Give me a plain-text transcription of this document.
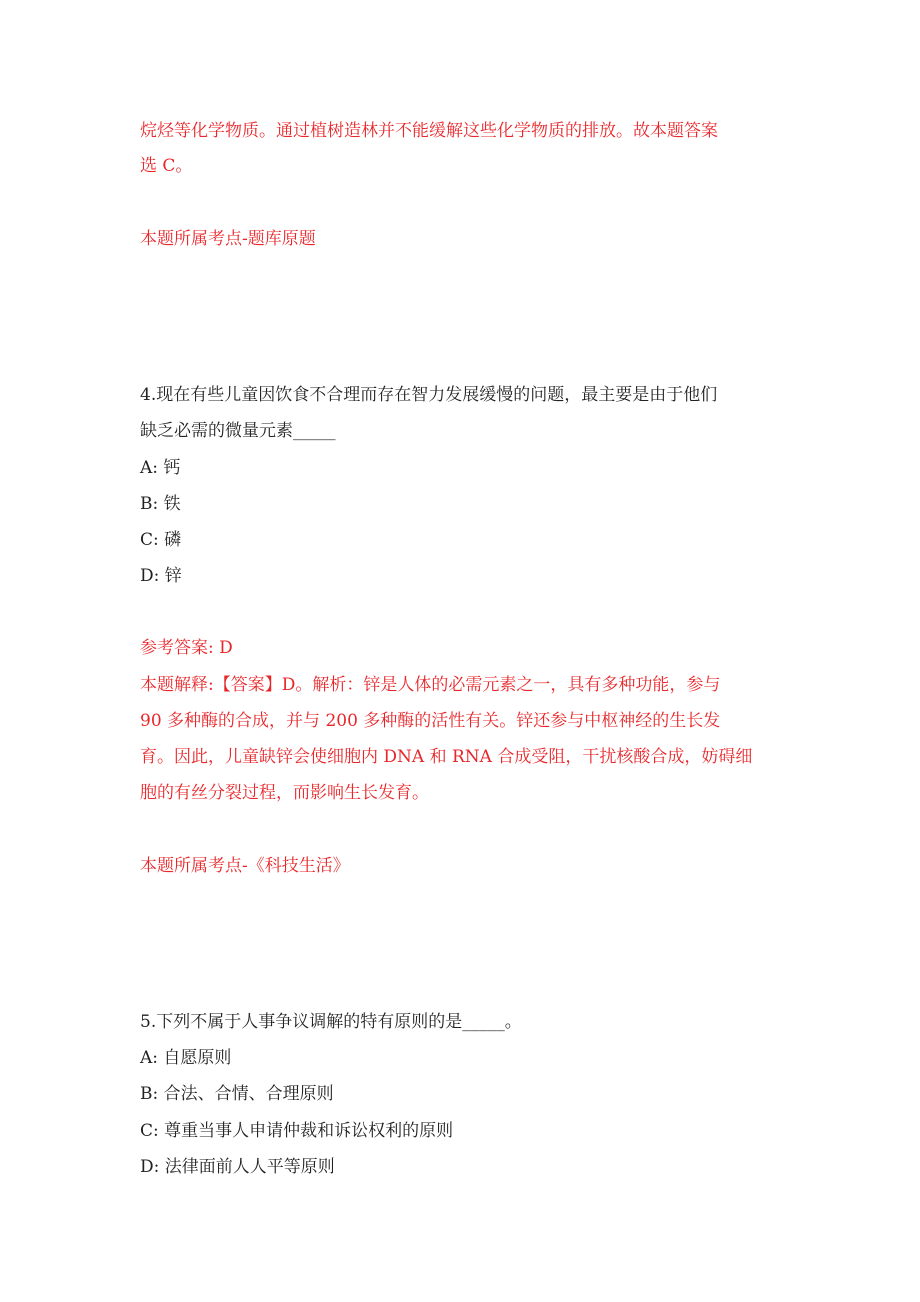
烷烃等化学物质。通过植树造林并不能缓解这些化学物质的排放。故本题答案
选 C。
本题所属考点-题库原题
4.现在有些儿童因饮食不合理而存在智力发展缓慢的问题，最主要是由于他们
缺乏必需的微量元素_____
A: 钙
B: 铁
C: 磷
D: 锌
参考答案: D
本题解释:【答案】D。解析：锌是人体的必需元素之一，具有多种功能，参与
90 多种酶的合成，并与 200 多种酶的活性有关。锌还参与中枢神经的生长发
育。因此，儿童缺锌会使细胞内 DNA 和 RNA 合成受阻，干扰核酸合成，妨碍细
胞的有丝分裂过程，而影响生长发育。
本题所属考点-《科技生活》
5.下列不属于人事争议调解的特有原则的是_____。
A: 自愿原则
B: 合法、合情、合理原则
C: 尊重当事人申请仲裁和诉讼权利的原则
D: 法律面前人人平等原则
